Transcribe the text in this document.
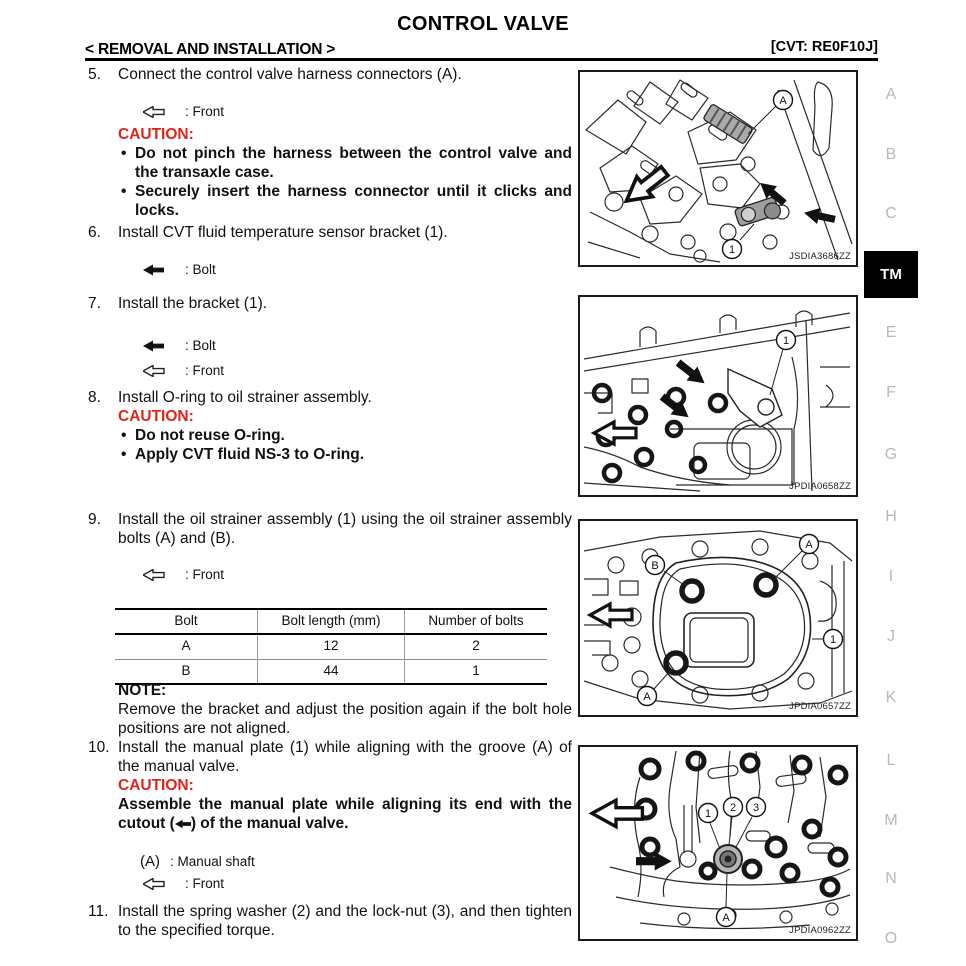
CONTROL VALVE
< REMOVAL AND INSTALLATION >	[CVT: RE0F10J]
5.	Connect the control valve harness connectors (A).
: Front
CAUTION:
• Do not pinch the harness between the control valve and the transaxle case.
• Securely insert the harness connector until it clicks and locks.
6.	Install CVT fluid temperature sensor bracket (1).
: Bolt
7.	Install the bracket (1).
: Bolt
: Front
8.	Install O-ring to oil strainer assembly.
CAUTION:
• Do not reuse O-ring.
• Apply CVT fluid NS-3 to O-ring.
9.	Install the oil strainer assembly (1) using the oil strainer assembly bolts (A) and (B).
: Front
Bolt	Bolt length (mm)	Number of bolts
A	12	2
B	44	1
NOTE:
Remove the bracket and adjust the position again if the bolt hole positions are not aligned.
10. Install the manual plate (1) while aligning with the groove (A) of the manual valve.
CAUTION:
Assemble the manual plate while aligning its end with the cutout ( ) of the manual valve.
(A) : Manual shaft
: Front
11. Install the spring washer (2) and the lock-nut (3), and then tighten to the specified torque.
A
1
JSDIA3686ZZ
1
JPDIA0658ZZ
B
A
A
1
JPDIA0657ZZ
1 2 3
A
JPDIA0962ZZ
A
B
C
TM
E
F
G
H
I
J
K
L
M
N
O
